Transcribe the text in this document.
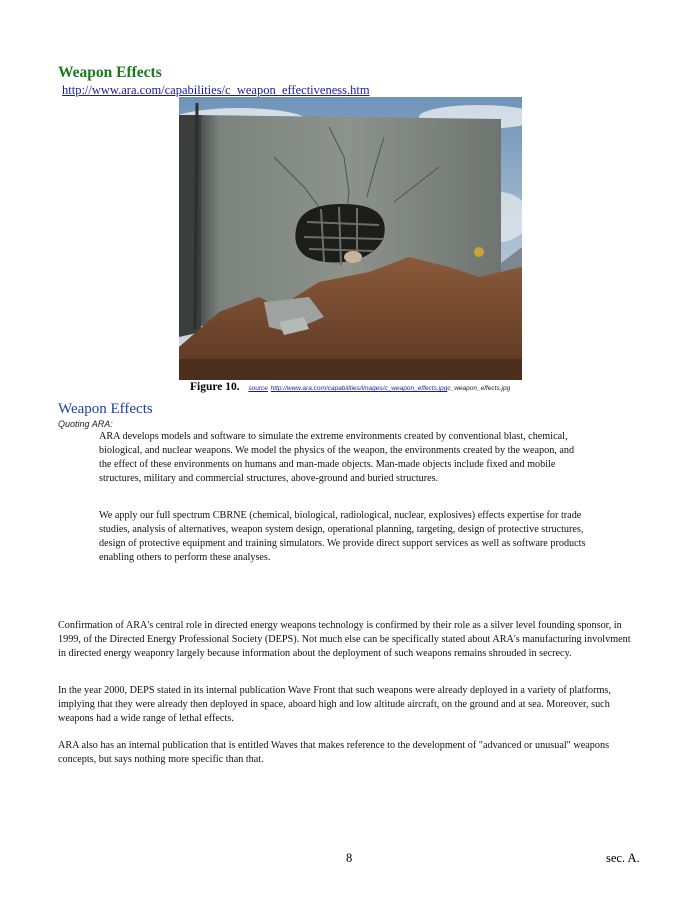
Weapon Effects
http://www.ara.com/capabilities/c_weapon_effectiveness.htm
Figure 10. source http://www.ara.com/capabilities/images/c_weapon_effects.jpgc_weapon_effects.jpg
Weapon Effects
Quoting ARA:
ARA develops models and software to simulate the extreme environments created by conventional blast, chemical, biological, and nuclear weapons. We model the physics of the weapon, the environments created by the weapon, and the effect of these environments on humans and man-made objects. Man-made objects include fixed and mobile structures, military and commercial structures, above-ground and buried structures.
We apply our full spectrum CBRNE (chemical, biological, radiological, nuclear, explosives) effects expertise for trade studies, analysis of alternatives, weapon system design, operational planning, targeting, design of protective structures, design of protective equipment and training simulators. We provide direct support services as well as software products enabling others to perform these analyses.
Confirmation of ARA's central role in directed energy weapons technology is confirmed by their role as a silver level founding sponsor, in 1999, of the Directed Energy Professional Society (DEPS). Not much else can be specifically stated about ARA's manufacturing involvment in directed energy weaponry largely because information about the deployment of such weapons remains shrouded in secrecy.
In the year 2000, DEPS stated in its internal publication Wave Front that such weapons were already deployed in a variety of platforms, implying that they were already then deployed in space, aboard high and low altitude aircraft, on the ground and at sea. Moreover, such weapons had a wide range of lethal effects.
ARA also has an internal publication that is entitled Waves that makes reference to the development of "advanced or unusual" weapons concepts, but says nothing more specific than that.
8	sec. A.
